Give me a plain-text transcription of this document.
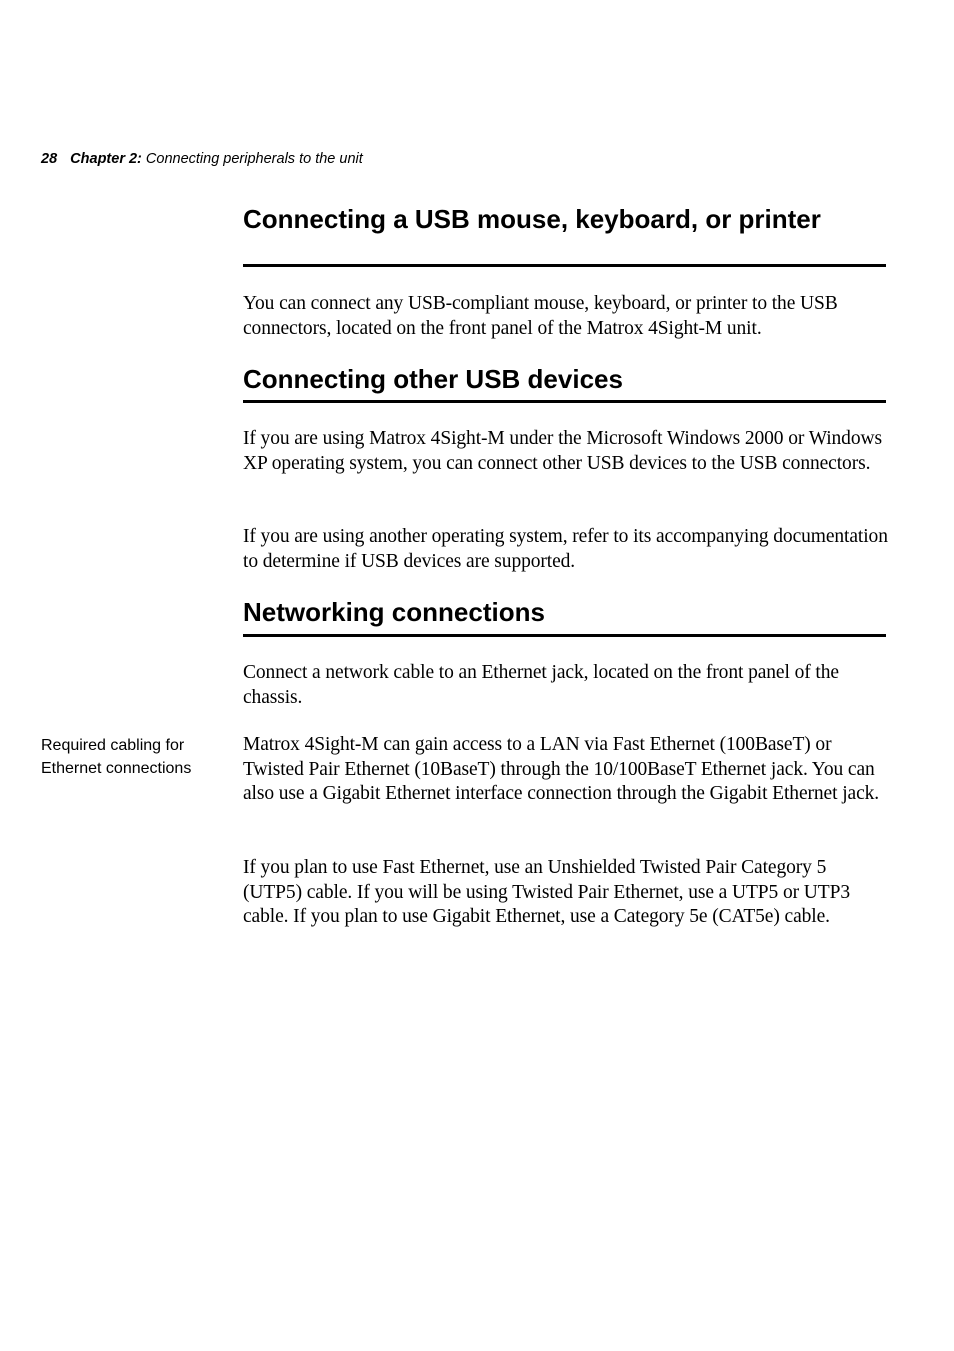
28 Chapter 2: Connecting peripherals to the unit
Connecting a USB mouse, keyboard, or printer

You can connect any USB-compliant mouse, keyboard, or printer to the USB connectors, located on the front panel of the Matrox 4Sight-M unit.

Connecting other USB devices

If you are using Matrox 4Sight-M under the Microsoft Windows 2000 or Windows XP operating system, you can connect other USB devices to the USB connectors.

If you are using another operating system, refer to its accompanying documentation to determine if USB devices are supported.

Networking connections

Connect a network cable to an Ethernet jack, located on the front panel of the chassis.

Matrox 4Sight-M can gain access to a LAN via Fast Ethernet (100BaseT) or Twisted Pair Ethernet (10BaseT) through the 10/100BaseT Ethernet jack. You can also use a Gigabit Ethernet interface connection through the Gigabit Ethernet jack.

If you plan to use Fast Ethernet, use an Unshielded Twisted Pair Category 5 (UTP5) cable. If you will be using Twisted Pair Ethernet, use a UTP5 or UTP3 cable. If you plan to use Gigabit Ethernet, use a Category 5e (CAT5e) cable.

Required cabling for Ethernet connections
